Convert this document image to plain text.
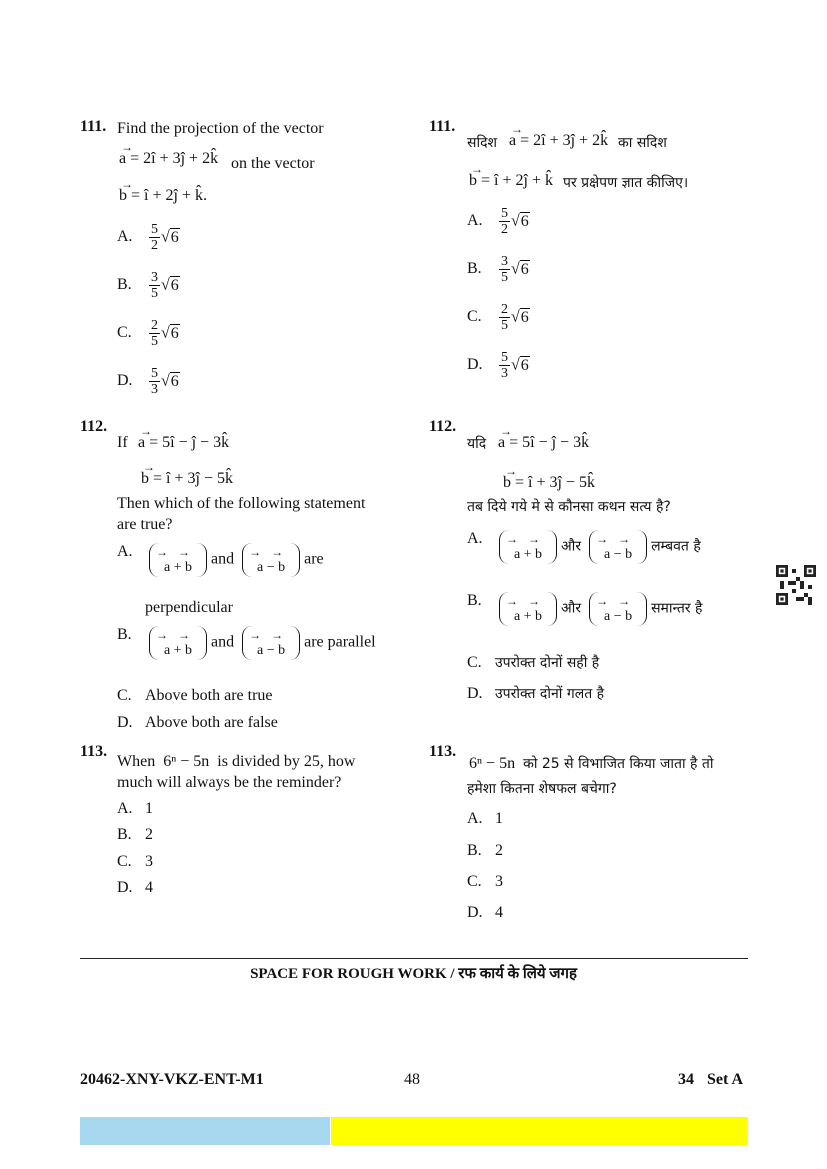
111. Find the projection of the vector
→
a = 2î + 3ĵ + 2k̂ on the vector
→
b = î + 2ĵ + k̂.
A. $\frac{5}{2} √6$
B. $\frac{3}{5} √6$
C. $\frac{2}{5} √6$
D. $\frac{5}{3} √6$
112.
If
→
a = 5î − ĵ − 3k̂
→
b = î + 3ĵ − 5k̂
Then which of the following statement
are true?
A. →→
a + b and →→
a − b are
perpendicular
B. →→
a + b and →→
a − b are parallel
C. Above both are true
D. Above both are false
113.
When 6ⁿ − 5n is divided by 25, how
much will always be the reminder?
A. 1
B. 2
C. 3
D. 4
111.
सदिश
→
a = 2î + 3ĵ + 2k̂ का सदिश
→
b = î + 2ĵ + k̂ पर प्रक्षेपण ज्ञात कीजिए।
A. $\frac{5}{2} √6$
B. $\frac{3}{5} √6$
C. $\frac{2}{5} √6$
D. $\frac{5}{3} √6$
112.
यदि
→
a = 5î − ĵ − 3k̂
→
b = î + 3ĵ − 5k̂
तब दिये गये मे से कौनसा कथन सत्य है?
A. →→
a + b और →→
a − b लम्बवत है
B. →→
a + b और →→
a − b समान्तर है
C. उपरोक्त दोनों सही है
D. उपरोक्त दोनों गलत है
113.
6ⁿ − 5n को 25 से विभाजित किया जाता है तो
हमेशा कितना शेषफल बचेगा?
A. 1
B. 2
C. 3
D. 4
SPACE FOR ROUGH WORK / रफ कार्य के लिये जगह
20462-XNY-VKZ-ENT-M1	48	34 Set A
